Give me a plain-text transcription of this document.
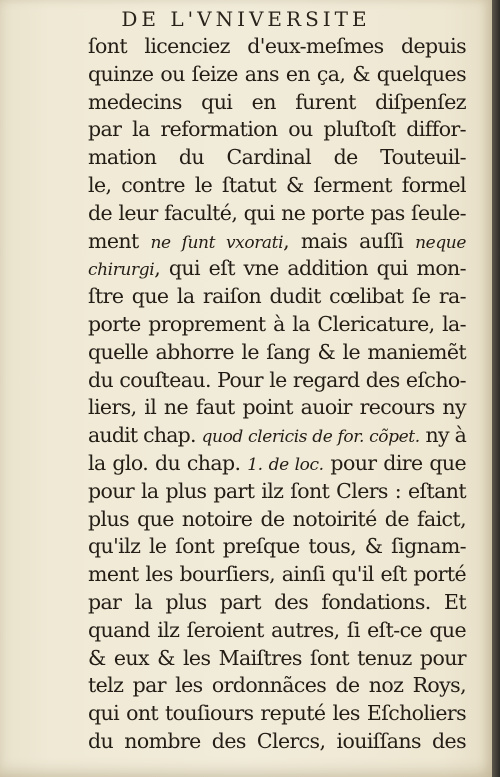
DE L'VNIVERSITE
ſont licenciez d'eux-meſmes depuis
quinze ou ſeize ans en ça, & quelques
medecins qui en furent diſpenſez
par la reformation ou pluſtoſt diffor-
mation du Cardinal de Touteuil-
le, contre le ſtatut & ſerment formel
de leur faculté, qui ne porte pas ſeule-
ment ne ſunt vxorati, mais auſſi neque
chirurgi, qui eſt vne addition qui mon-
ſtre que la raiſon dudit cœlibat ſe ra-
porte proprement à la Clericature, la-
quelle abhorre le ſang & le maniemẽt
du couſteau. Pour le regard des eſcho-
liers, il ne faut point auoir recours ny
audit chap. quod clericis de for. cõpet. ny à
la glo. du chap. 1. de loc. pour dire que
pour la plus part ilz ſont Clers : eſtant
plus que notoire de notoirité de faict,
qu'ilz le ſont preſque tous, & ſignam-
ment les bourſiers, ainſi qu'il eſt porté
par la plus part des fondations. Et
quand ilz ſeroient autres, ſi eſt-ce que
& eux & les Maiſtres ſont tenuz pour
telz par les ordonnãces de noz Roys,
qui ont touſiours reputé les Eſcholiers
du nombre des Clercs, iouiſſans des
